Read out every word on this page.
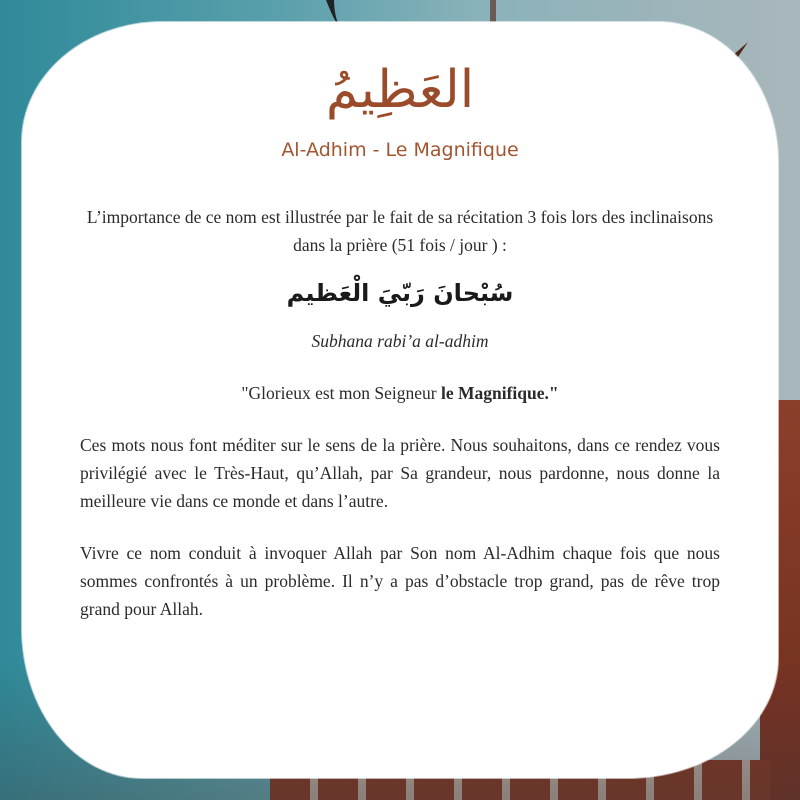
العَظِيمُ
Al-Adhim - Le Magnifique

L’importance de ce nom est illustrée par le fait de sa récitation 3 fois lors des inclinaisons dans la prière (51 fois / jour ) :

سُبْحانَ رَبّيَ الْعَظيم

Subhana rabi’a al-adhim

"Glorieux est mon Seigneur le Magnifique."

Ces mots nous font méditer sur le sens de la prière. Nous souhaitons, dans ce rendez vous privilégié avec le Très-Haut, qu’Allah, par Sa grandeur, nous pardonne, nous donne la meilleure vie dans ce monde et dans l’autre.

Vivre ce nom conduit à invoquer Allah par Son nom Al-Adhim chaque fois que nous sommes confrontés à un problème. Il n’y a pas d’obstacle trop grand, pas de rêve trop grand pour Allah.
